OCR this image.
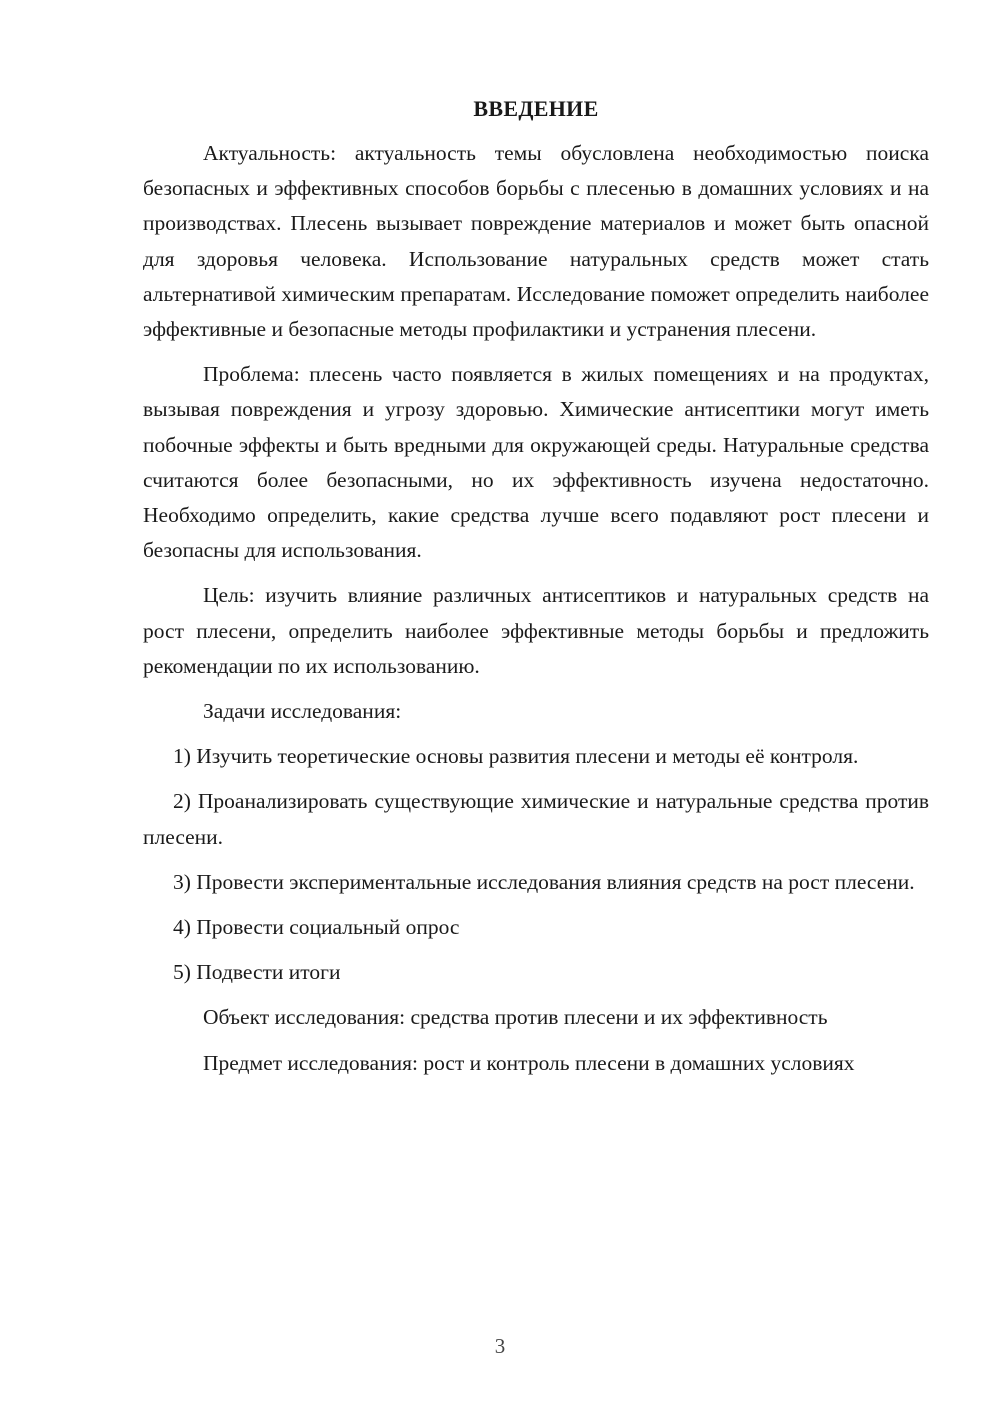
ВВЕДЕНИЕ

Актуальность: актуальность темы обусловлена необходимостью поиска безопасных и эффективных способов борьбы с плесенью в домашних условиях и на производствах. Плесень вызывает повреждение материалов и может быть опасной для здоровья человека. Использование натуральных средств может стать альтернативой химическим препаратам. Исследование поможет определить наиболее эффективные и безопасные методы профилактики и устранения плесени.

Проблема: плесень часто появляется в жилых помещениях и на продуктах, вызывая повреждения и угрозу здоровью. Химические антисептики могут иметь побочные эффекты и быть вредными для окружающей среды. Натуральные средства считаются более безопасными, но их эффективность изучена недостаточно. Необходимо определить, какие средства лучше всего подавляют рост плесени и безопасны для использования.

Цель: изучить влияние различных антисептиков и натуральных средств на рост плесени, определить наиболее эффективные методы борьбы и предложить рекомендации по их использованию.

Задачи исследования:

1) Изучить теоретические основы развития плесени и методы её контроля.

2) Проанализировать существующие химические и натуральные средства против плесени.

3) Провести экспериментальные исследования влияния средств на рост плесени.

4) Провести социальный опрос

5) Подвести итоги

Объект исследования: средства против плесени и их эффективность

Предмет исследования: рост и контроль плесени в домашних условиях

3
